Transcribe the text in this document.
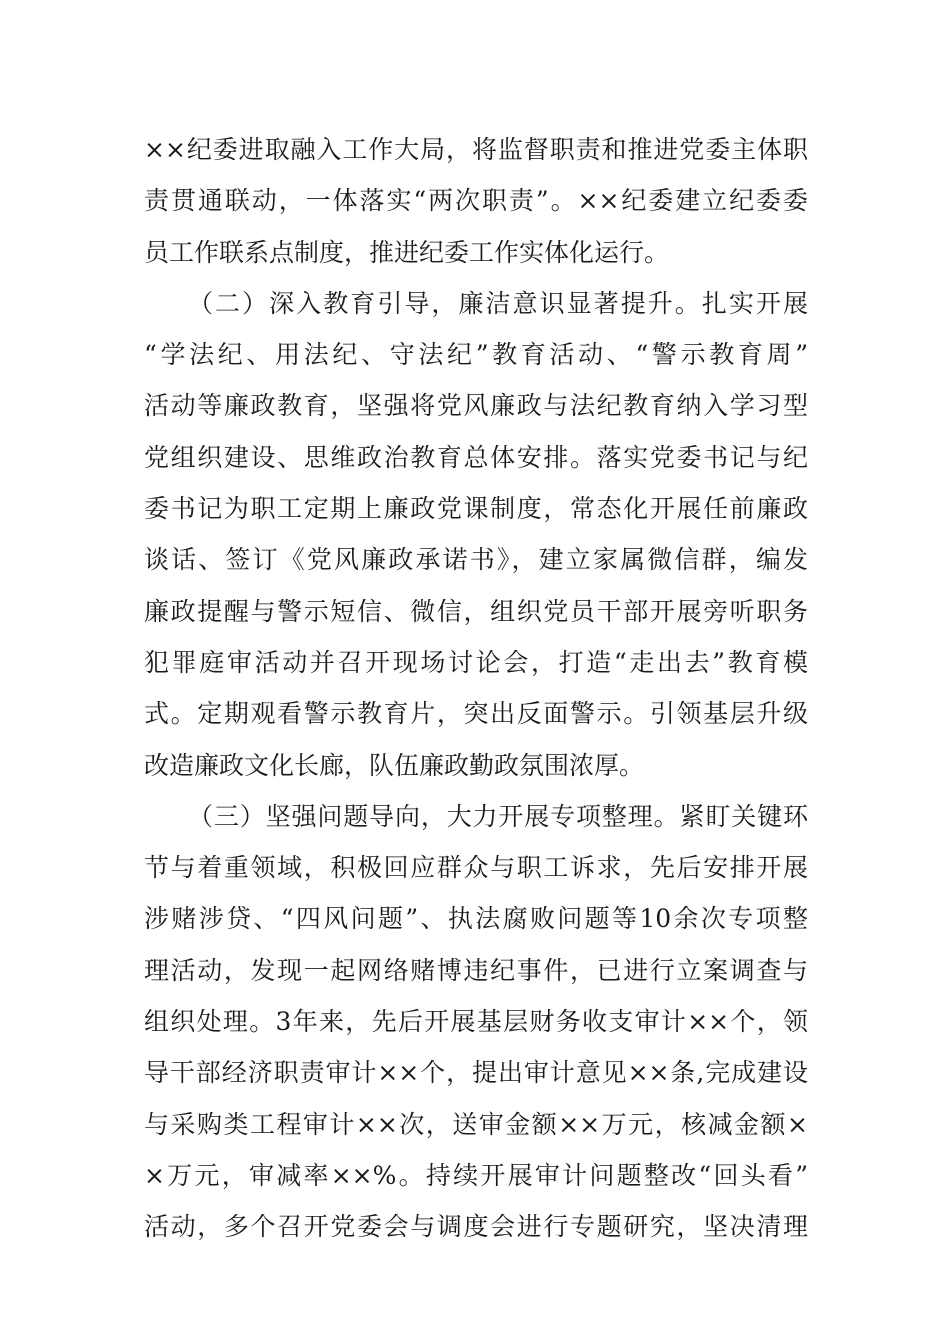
××纪委进取融入工作大局，将监督职责和推进党委主体职
责贯通联动，一体落实“两次职责”。××纪委建立纪委委
员工作联系点制度，推进纪委工作实体化运行。
（二）深入教育引导，廉洁意识显著提升。扎实开展
“学法纪、用法纪、守法纪”教育活动、“警示教育周”
活动等廉政教育，坚强将党风廉政与法纪教育纳入学习型
党组织建设、思维政治教育总体安排。落实党委书记与纪
委书记为职工定期上廉政党课制度，常态化开展任前廉政
谈话、签订《党风廉政承诺书》，建立家属微信群，编发
廉政提醒与警示短信、微信，组织党员干部开展旁听职务
犯罪庭审活动并召开现场讨论会，打造“走出去”教育模
式。定期观看警示教育片，突出反面警示。引领基层升级
改造廉政文化长廊，队伍廉政勤政氛围浓厚。
（三）坚强问题导向，大力开展专项整理。紧盯关键环
节与着重领域，积极回应群众与职工诉求，先后安排开展
涉赌涉贷、“四风问题”、执法腐败问题等10余次专项整
理活动，发现一起网络赌博违纪事件，已进行立案调查与
组织处理。3年来，先后开展基层财务收支审计××个，领
导干部经济职责审计××个，提出审计意见××条,完成建设
与采购类工程审计××次，送审金额××万元，核减金额×
×万元，审减率××%。持续开展审计问题整改“回头看”
活动，多个召开党委会与调度会进行专题研究，坚决清理
